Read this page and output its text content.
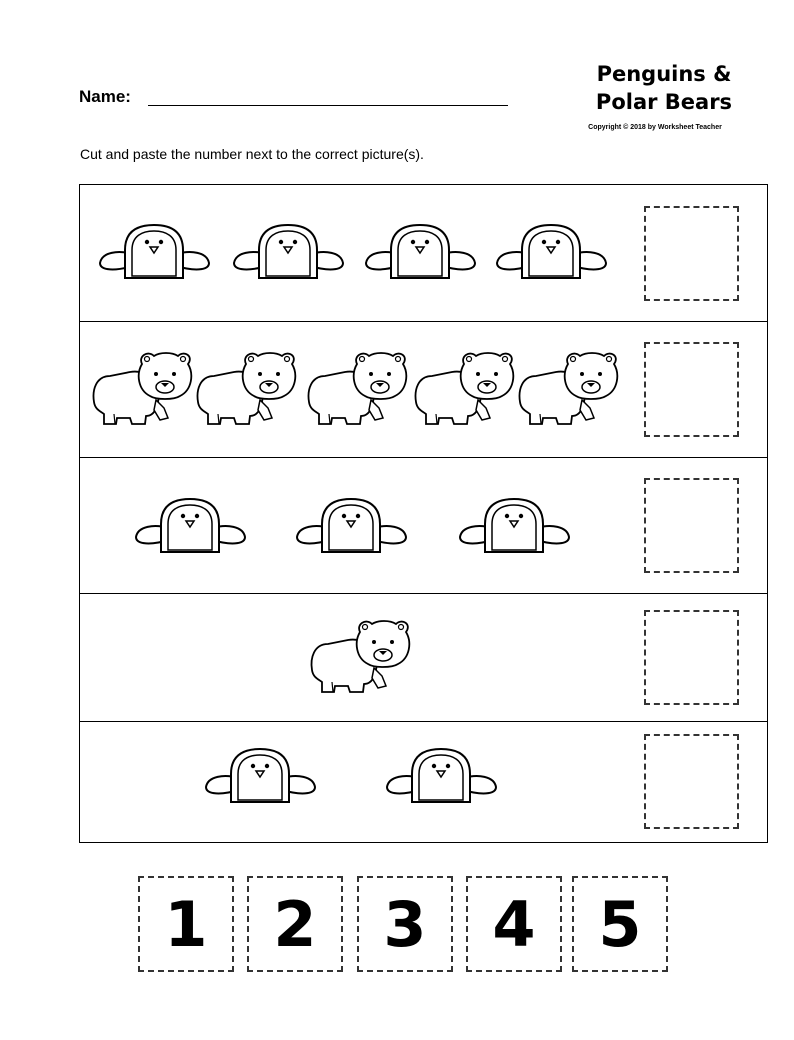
Name:
Penguins &
Polar Bears
Copyright © 2018 by Worksheet Teacher
Cut and paste the number next to the correct picture(s).
1	2	3	4	5
